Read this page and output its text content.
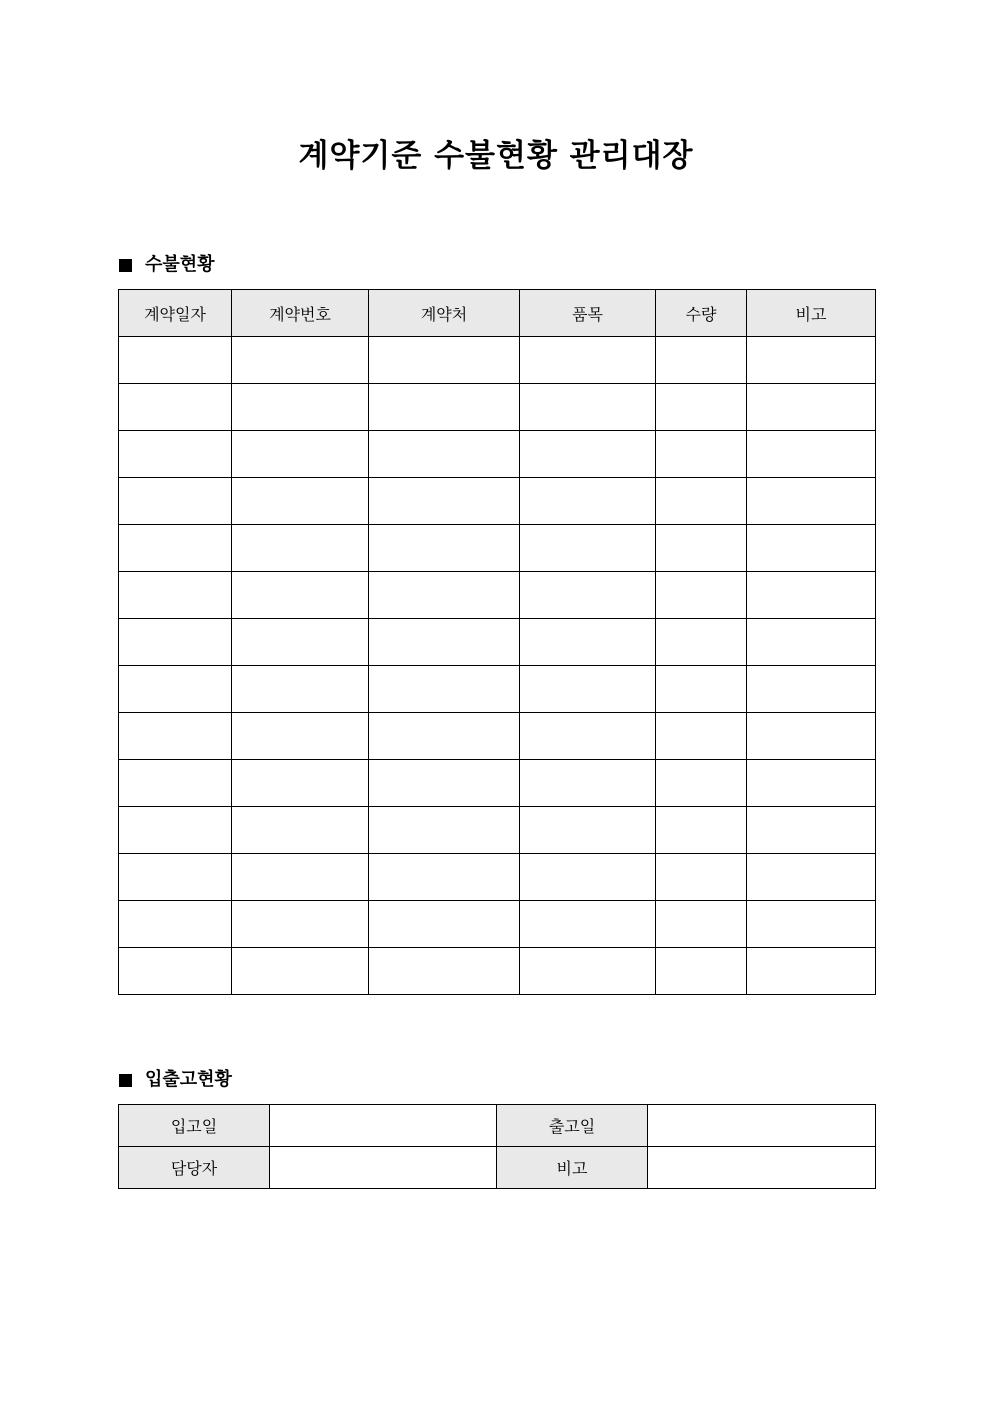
계약기준 수불현황 관리대장
수불현황
계약일자	계약번호	계약처	품목	수량	비고

입출고현황
입고일		출고일	
담당자		비고	
